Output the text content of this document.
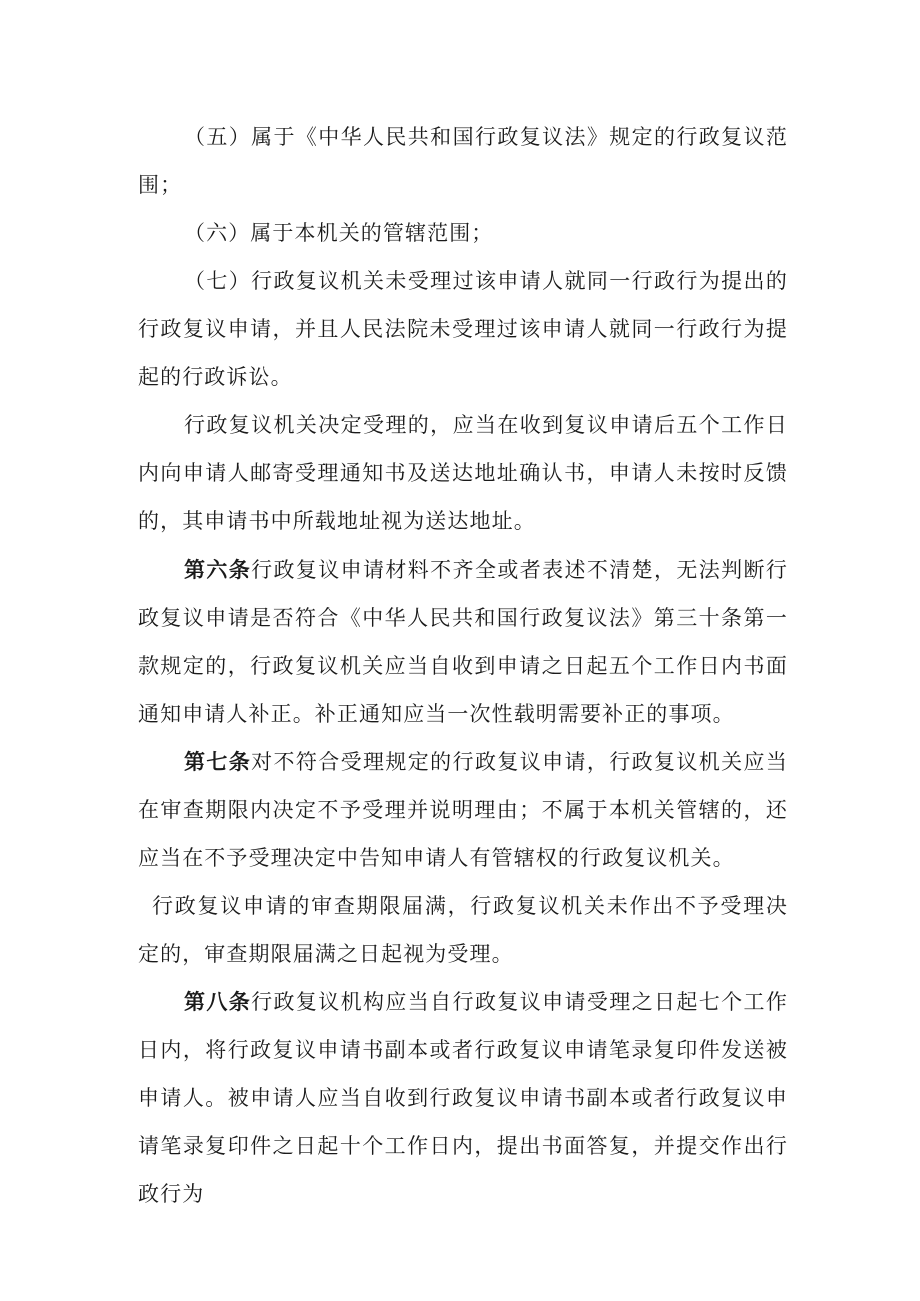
（五）属于《中华人民共和国行政复议法》规定的行政复议范围；

（六）属于本机关的管辖范围；

（七）行政复议机关未受理过该申请人就同一行政行为提出的行政复议申请，并且人民法院未受理过该申请人就同一行政行为提起的行政诉讼。

行政复议机关决定受理的，应当在收到复议申请后五个工作日内向申请人邮寄受理通知书及送达地址确认书，申请人未按时反馈的，其申请书中所载地址视为送达地址。

第六条行政复议申请材料不齐全或者表述不清楚，无法判断行政复议申请是否符合《中华人民共和国行政复议法》第三十条第一款规定的，行政复议机关应当自收到申请之日起五个工作日内书面通知申请人补正。补正通知应当一次性载明需要补正的事项。

第七条对不符合受理规定的行政复议申请，行政复议机关应当在审查期限内决定不予受理并说明理由；不属于本机关管辖的，还应当在不予受理决定中告知申请人有管辖权的行政复议机关。

行政复议申请的审查期限届满，行政复议机关未作出不予受理决定的，审查期限届满之日起视为受理。

第八条行政复议机构应当自行政复议申请受理之日起七个工作日内，将行政复议申请书副本或者行政复议申请笔录复印件发送被申请人。被申请人应当自收到行政复议申请书副本或者行政复议申请笔录复印件之日起十个工作日内，提出书面答复，并提交作出行政行为
